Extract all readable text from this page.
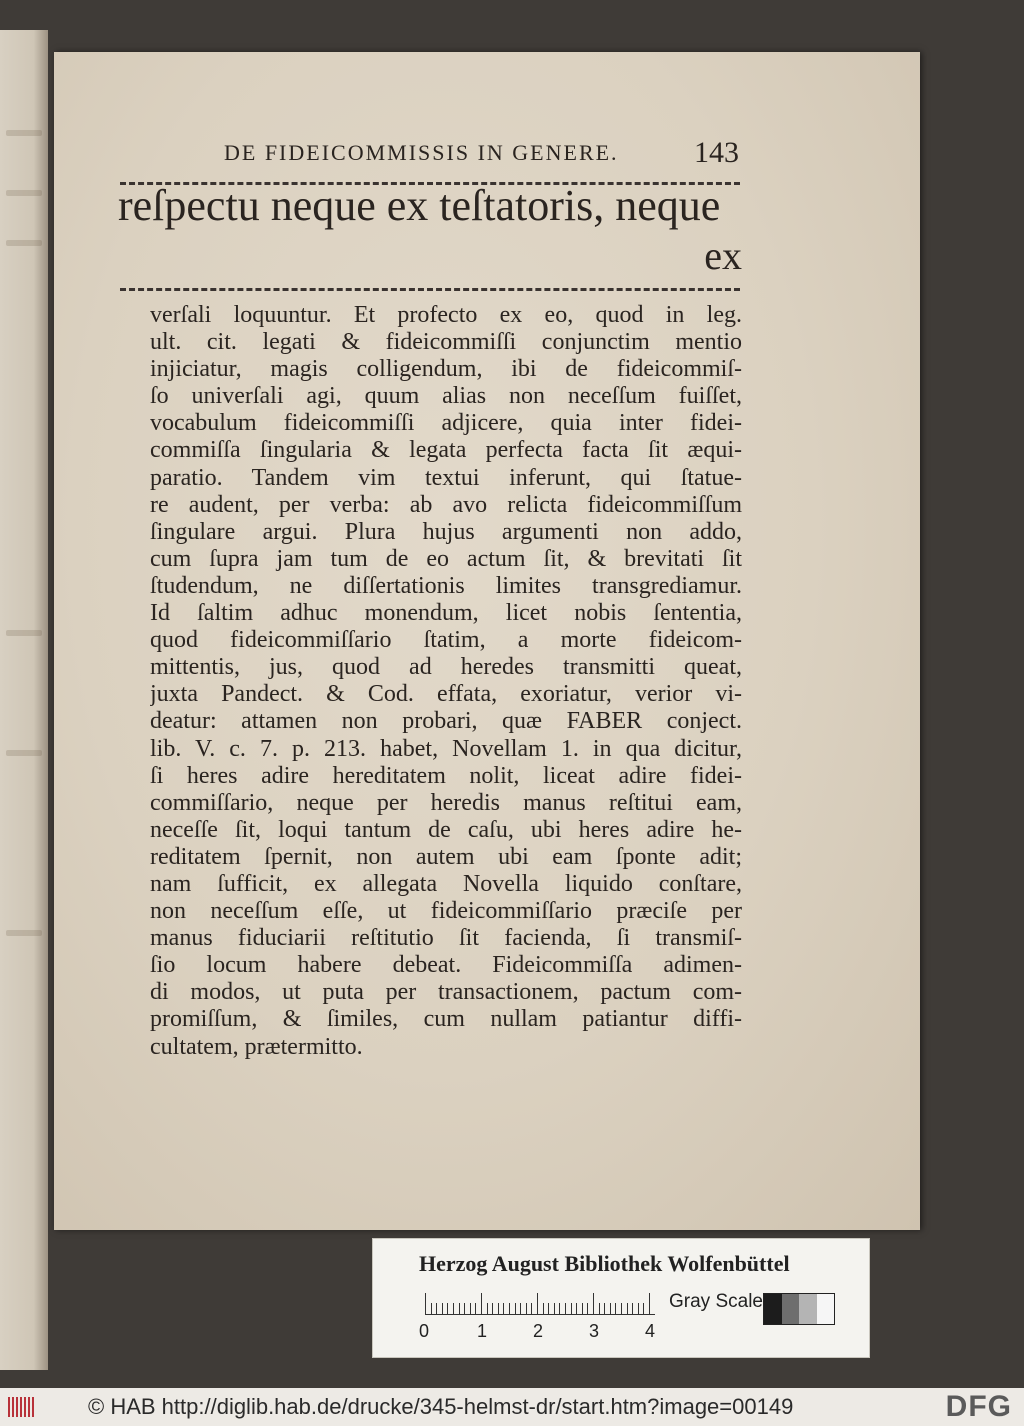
DE FIDEICOMMISSIS IN GENERE.	143
reſpectu neque ex teſtatoris, neque
ex
verſali loquuntur. Et profecto ex eo, quod in leg.
ult. cit. legati & fideicommiſſi conjunctim mentio
injiciatur, magis colligendum, ibi de fideicommiſ-
ſo univerſali agi, quum alias non neceſſum fuiſſet,
vocabulum fideicommiſſi adjicere, quia inter fidei-
commiſſa ſingularia & legata perfecta facta ſit æqui-
paratio. Tandem vim textui inferunt, qui ſtatue-
re audent, per verba: ab avo relicta fideicommiſſum
ſingulare argui. Plura hujus argumenti non addo,
cum ſupra jam tum de eo actum ſit, & brevitati ſit
ſtudendum, ne diſſertationis limites transgrediamur.
Id ſaltim adhuc monendum, licet nobis ſententia,
quod fideicommiſſario ſtatim, a morte fideicom-
mittentis, jus, quod ad heredes transmitti queat,
juxta Pandect. & Cod. effata, exoriatur, verior vi-
deatur: attamen non probari, quæ FABER conject.
lib. V. c. 7. p. 213. habet, Novellam 1. in qua dicitur,
ſi heres adire hereditatem nolit, liceat adire fidei-
commiſſario, neque per heredis manus reſtitui eam,
neceſſe ſit, loqui tantum de caſu, ubi heres adire he-
reditatem ſpernit, non autem ubi eam ſponte adit;
nam ſufficit, ex allegata Novella liquido conſtare,
non neceſſum eſſe, ut fideicommiſſario præciſe per
manus fiduciarii reſtitutio ſit facienda, ſi transmiſ-
ſio locum habere debeat. Fideicommiſſa adimen-
di modos, ut puta per transactionem, pactum com-
promiſſum, & ſimiles, cum nullam patiantur diffi-
cultatem, prætermitto.
Herzog August Bibliothek Wolfenbüttel
0	1	2	3	4
Gray Scale
© HAB http://diglib.hab.de/drucke/345-helmst-dr/start.htm?image=00149	DFG
